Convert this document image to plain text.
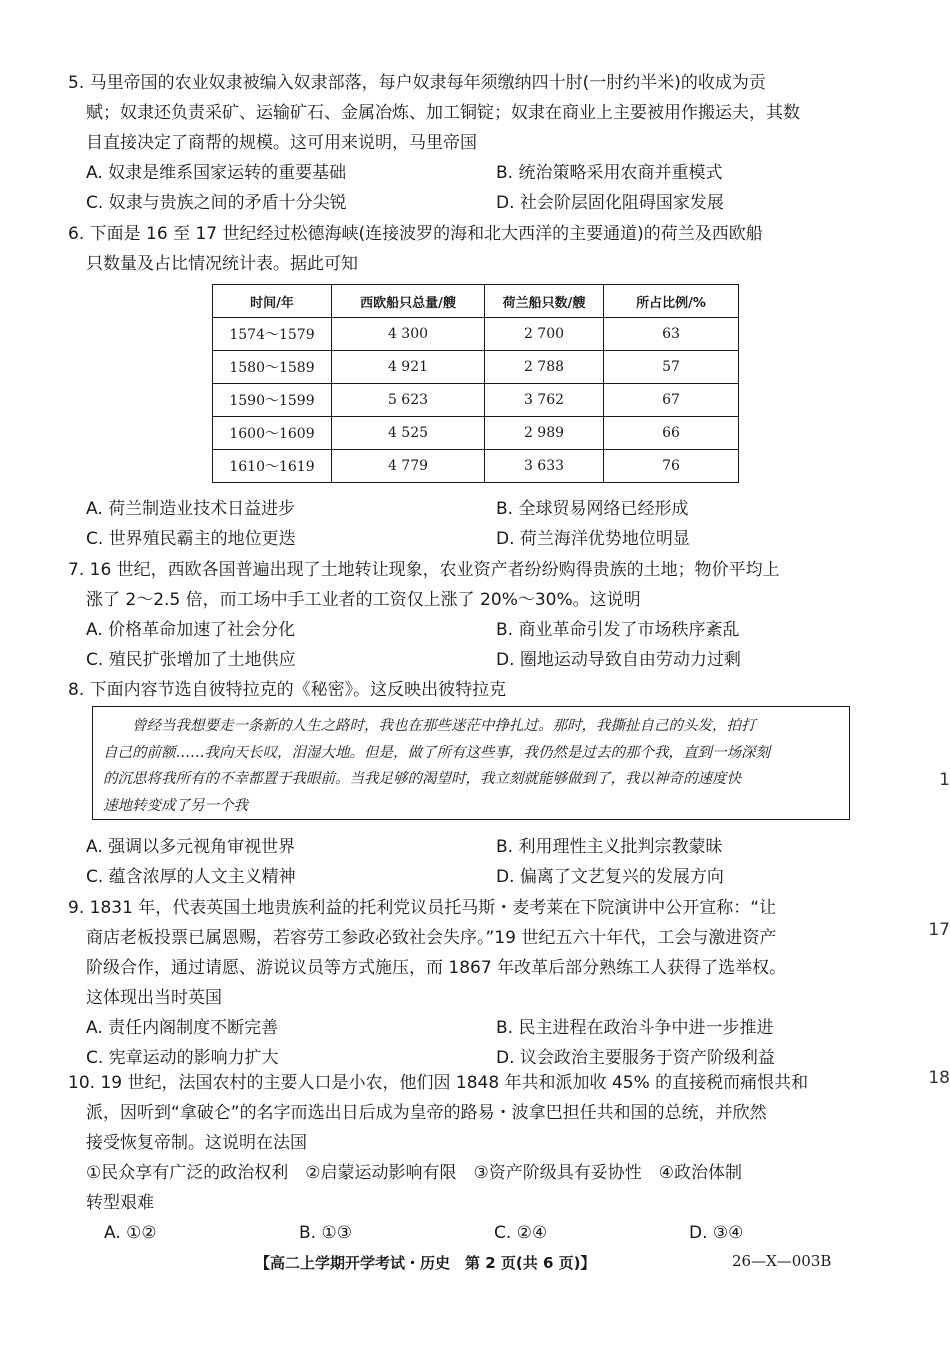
5. 马里帝国的农业奴隶被编入奴隶部落，每户奴隶每年须缴纳四十肘(一肘约半米)的收成为贡
赋；奴隶还负责采矿、运输矿石、金属冶炼、加工铜锭；奴隶在商业上主要被用作搬运夫，其数
目直接决定了商帮的规模。这可用来说明，马里帝国
A. 奴隶是维系国家运转的重要基础	B. 统治策略采用农商并重模式
C. 奴隶与贵族之间的矛盾十分尖锐	D. 社会阶层固化阻碍国家发展
6. 下面是 16 至 17 世纪经过松德海峡(连接波罗的海和北大西洋的主要通道)的荷兰及西欧船
只数量及占比情况统计表。据此可知
时间/年	西欧船只总量/艘	荷兰船只数/艘	所占比例/%
1574～1579	4 300	2 700	63
1580～1589	4 921	2 788	57
1590～1599	5 623	3 762	67
1600～1609	4 525	2 989	66
1610～1619	4 779	3 633	76
A. 荷兰制造业技术日益进步	B. 全球贸易网络已经形成
C. 世界殖民霸主的地位更迭	D. 荷兰海洋优势地位明显
7. 16 世纪，西欧各国普遍出现了土地转让现象，农业资产者纷纷购得贵族的土地；物价平均上
涨了 2～2.5 倍，而工场中手工业者的工资仅上涨了 20%～30%。这说明
A. 价格革命加速了社会分化	B. 商业革命引发了市场秩序紊乱
C. 殖民扩张增加了土地供应	D. 圈地运动导致自由劳动力过剩
8. 下面内容节选自彼特拉克的《秘密》。这反映出彼特拉克
　　曾经当我想要走一条新的人生之路时，我也在那些迷茫中挣扎过。那时，我撕扯自己的头发，拍打
自己的前额……我向天长叹，泪湿大地。但是，做了所有这些事，我仍然是过去的那个我，直到一场深刻
的沉思将我所有的不幸都置于我眼前。当我足够的渴望时，我立刻就能够做到了，我以神奇的速度快
速地转变成了另一个我
A. 强调以多元视角审视世界	B. 利用理性主义批判宗教蒙昧
C. 蕴含浓厚的人文主义精神	D. 偏离了文艺复兴的发展方向
9. 1831 年，代表英国土地贵族利益的托利党议员托马斯・麦考莱在下院演讲中公开宣称：“让
商店老板投票已属恩赐，若容劳工参政必致社会失序。”19 世纪五六十年代，工会与激进资产
阶级合作，通过请愿、游说议员等方式施压，而 1867 年改革后部分熟练工人获得了选举权。
这体现出当时英国
A. 责任内阁制度不断完善	B. 民主进程在政治斗争中进一步推进
C. 宪章运动的影响力扩大	D. 议会政治主要服务于资产阶级利益
10. 19 世纪，法国农村的主要人口是小农，他们因 1848 年共和派加收 45% 的直接税而痛恨共和
派，因听到“拿破仑”的名字而选出日后成为皇帝的路易・波拿巴担任共和国的总统，并欣然
接受恢复帝制。这说明在法国
①民众享有广泛的政治权利　②启蒙运动影响有限　③资产阶级具有妥协性　④政治体制
转型艰难
A. ①②	B. ①③	C. ②④	D. ③④
【高二上学期开学考试・历史　第 2 页(共 6 页)】	26—X—003B
1
17
18
